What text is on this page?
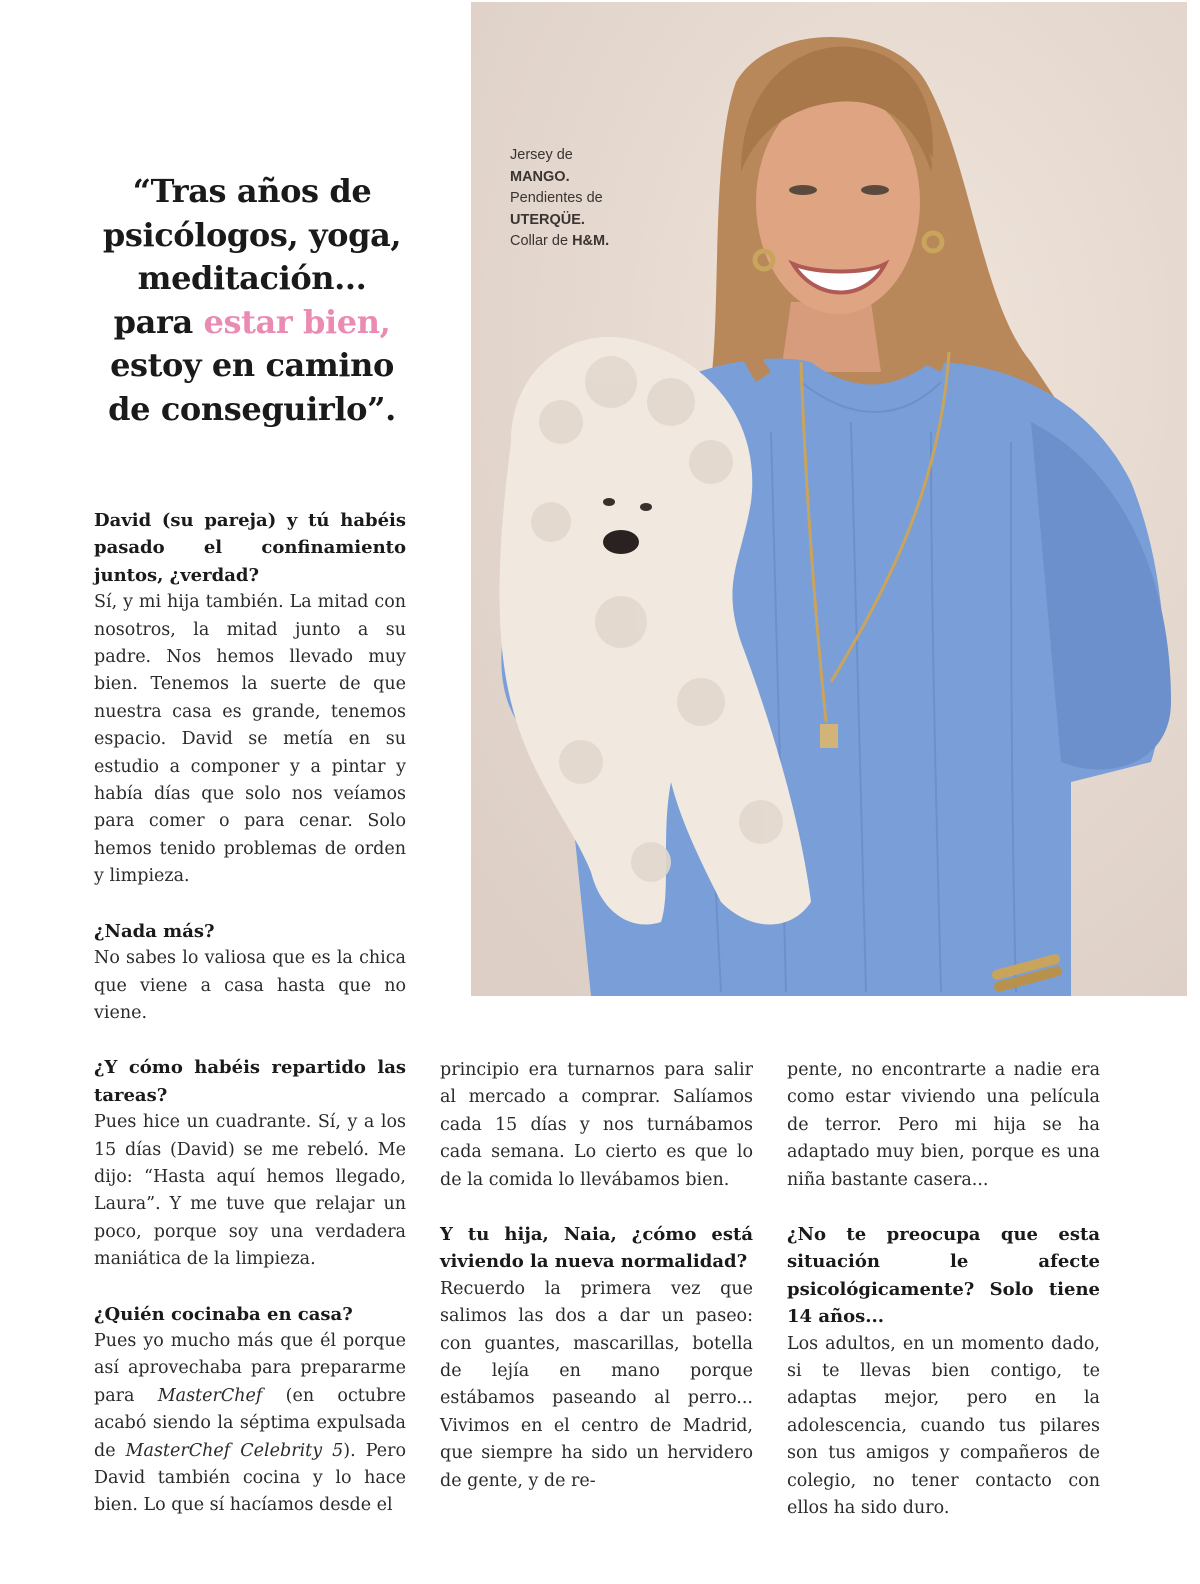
Jersey de
MANGO.
Pendientes de
UTERQÜE.
Collar de H&M.
“Tras años de
psicólogos, yoga,
meditación...
para estar bien,
estoy en camino
de conseguirlo”.

David (su pareja) y tú habéis pasado el confinamiento juntos, ¿verdad?

Sí, y mi hija también. La mitad con nosotros, la mitad junto a su padre. Nos hemos llevado muy bien. Tenemos la suerte de que nuestra casa es grande, tenemos espacio. David se metía en su estudio a componer y a pintar y había días que solo nos veíamos para comer o para cenar. Solo hemos tenido problemas de orden y limpieza.

¿Nada más?

No sabes lo valiosa que es la chica que viene a casa hasta que no viene.

¿Y cómo habéis repartido las tareas?

Pues hice un cuadrante. Sí, y a los 15 días (David) se me rebeló. Me dijo: “Hasta aquí hemos llegado, Laura”. Y me tuve que relajar un poco, porque soy una verdadera maniática de la limpieza.

¿Quién cocinaba en casa?

Pues yo mucho más que él porque así aprovechaba para prepararme para MasterChef (en octubre acabó siendo la séptima expulsada de MasterChef Celebrity 5). Pero David también cocina y lo hace bien. Lo que sí hacíamos desde el

principio era turnarnos para salir al mercado a comprar. Salíamos cada 15 días y nos turnábamos cada semana. Lo cierto es que lo de la comida lo llevábamos bien.

Y tu hija, Naia, ¿cómo está viviendo la nueva normalidad?

Recuerdo la primera vez que salimos las dos a dar un paseo: con guantes, mascarillas, botella de lejía en mano porque estábamos paseando al perro... Vivimos en el centro de Madrid, que siempre ha sido un hervidero de gente, y de re-

pente, no encontrarte a nadie era como estar viviendo una película de terror. Pero mi hija se ha adaptado muy bien, porque es una niña bastante casera...

¿No te preocupa que esta situación le afecte psicológicamente? Solo tiene 14 años...

Los adultos, en un momento dado, si te llevas bien contigo, te adaptas mejor, pero en la adolescencia, cuando tus pilares son tus amigos y compañeros de colegio, no tener contacto con ellos ha sido duro.
